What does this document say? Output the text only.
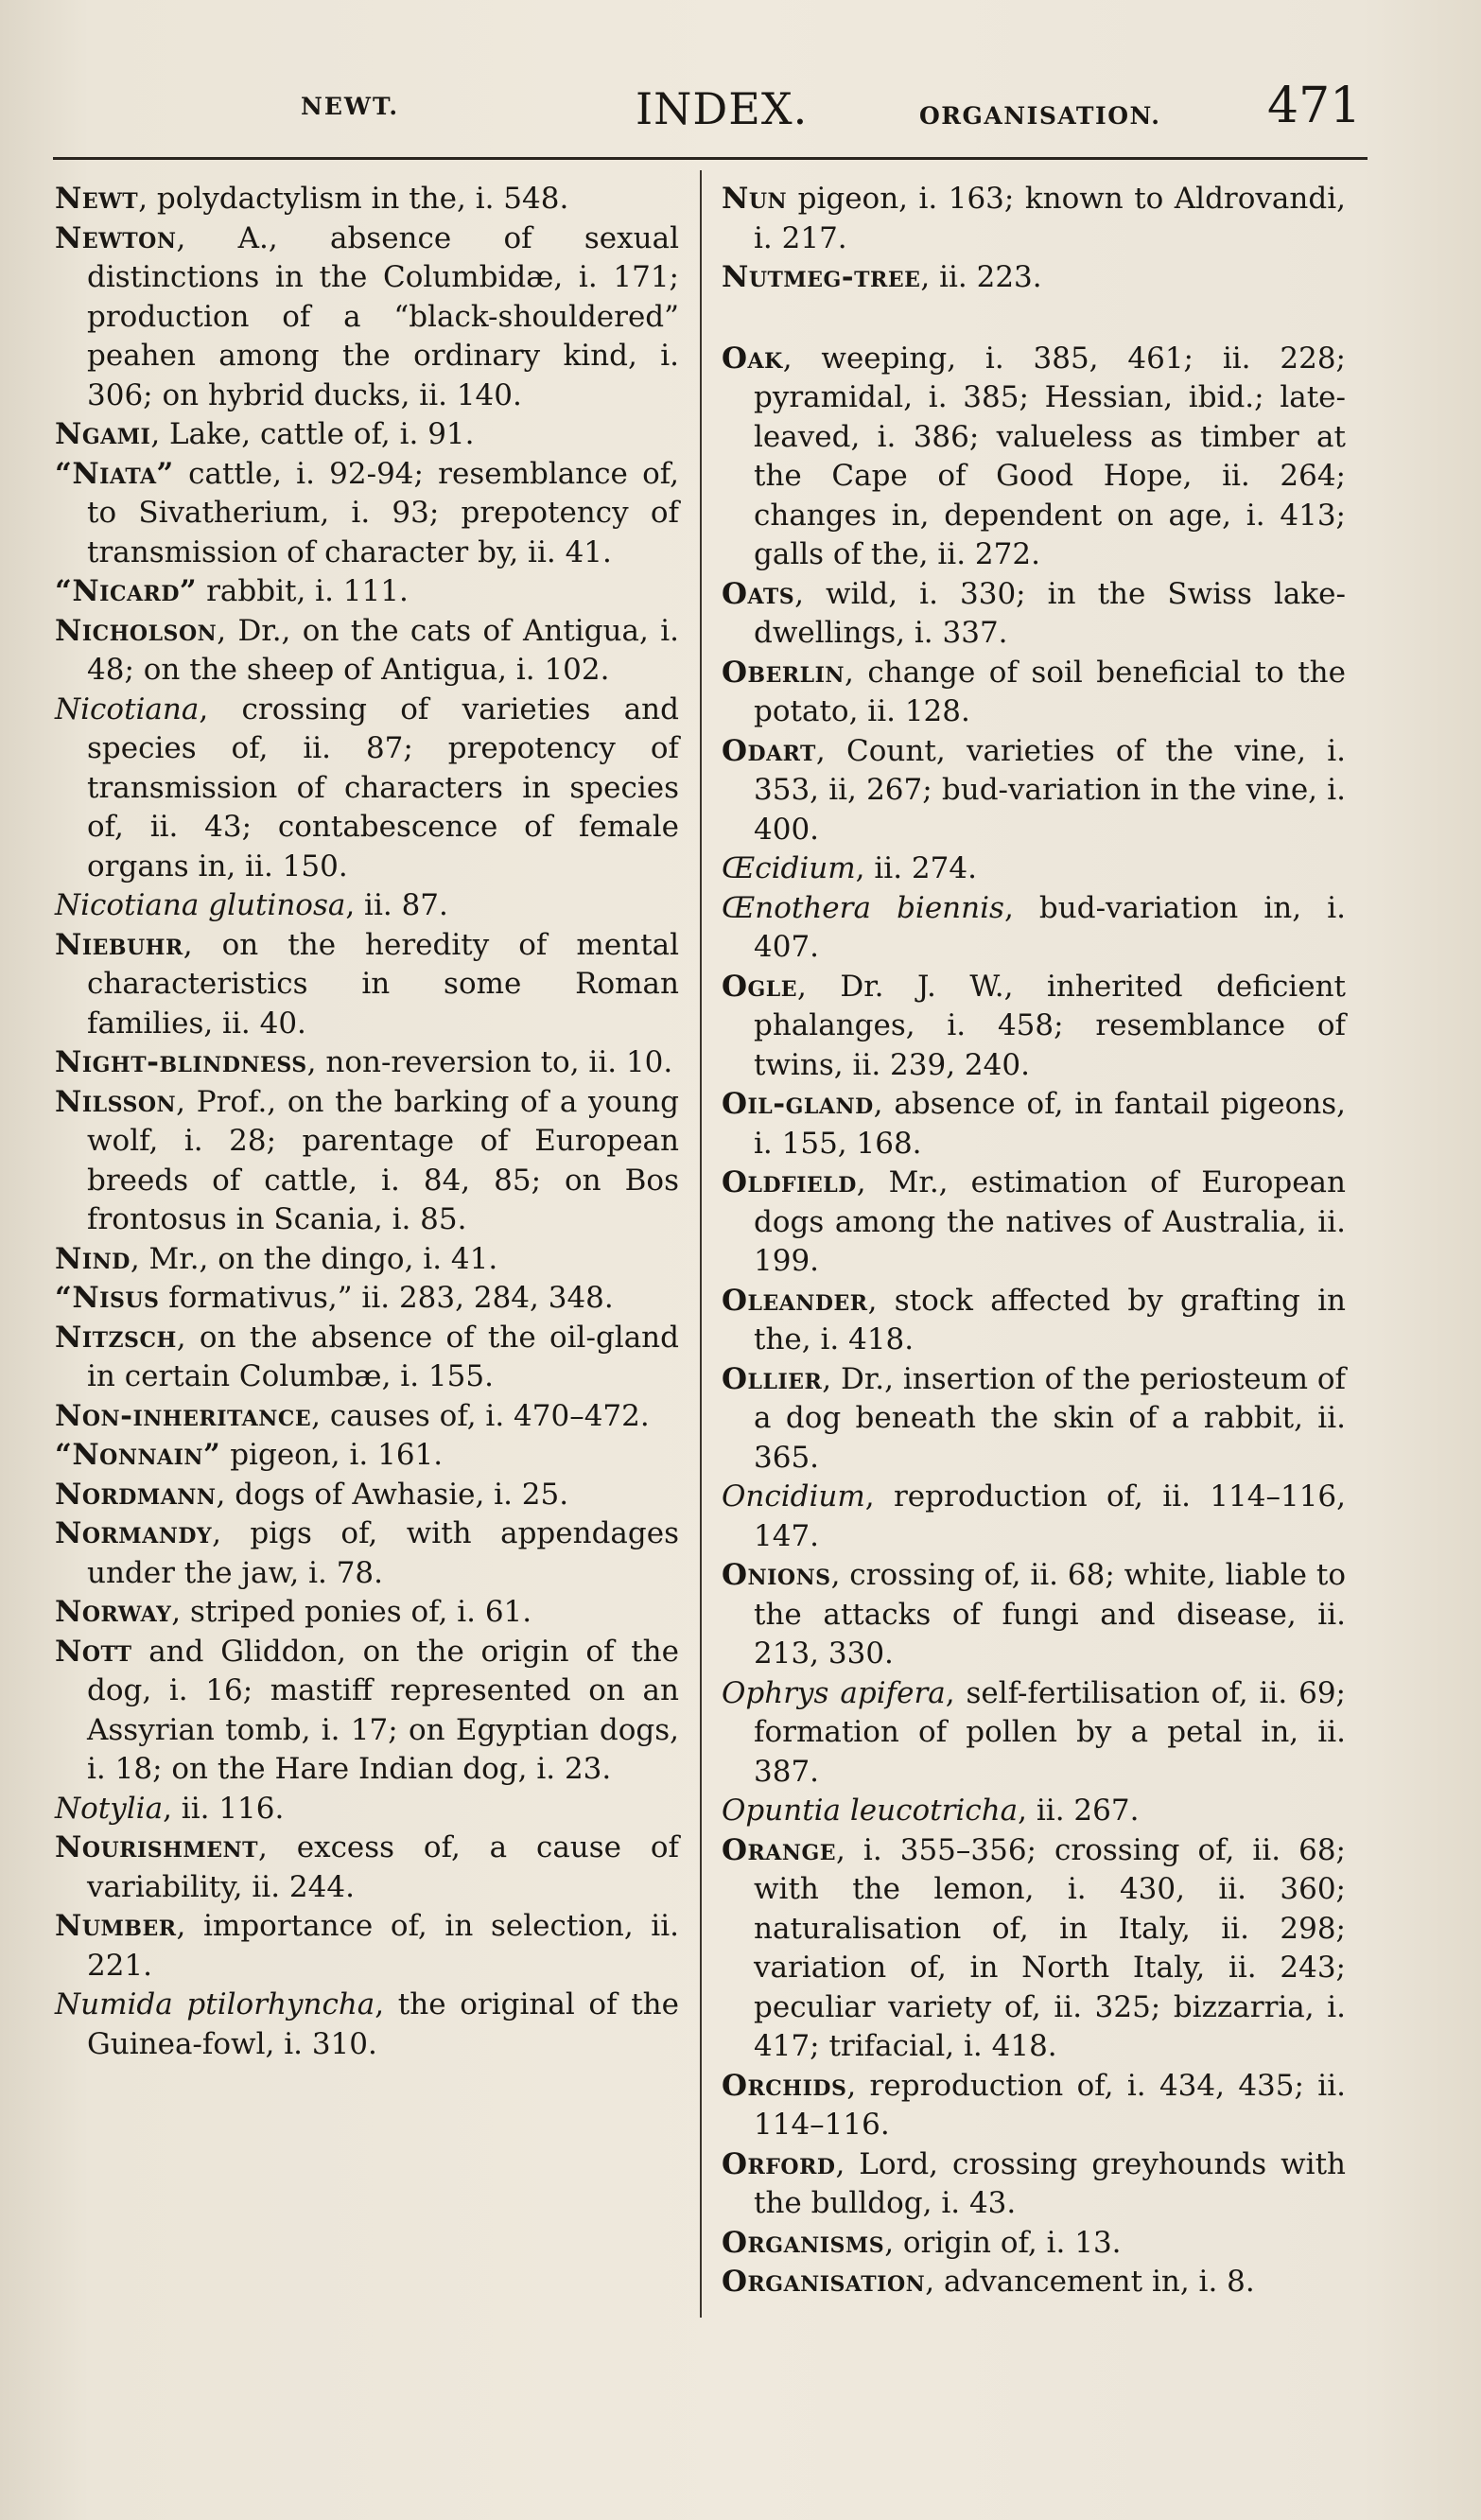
NEWT.	INDEX.	ORGANISATION. 471

Newt, polydactylism in the, i. 548.

Newton, A., absence of sexual distinctions in the Columbidæ, i. 171; production of a “black-shouldered” peahen among the ordinary kind, i. 306; on hybrid ducks, ii. 140.

Ngami, Lake, cattle of, i. 91.

“Niata” cattle, i. 92-94; resemblance of, to Sivatherium, i. 93; prepotency of transmission of character by, ii. 41.

“Nicard” rabbit, i. 111.

Nicholson, Dr., on the cats of Antigua, i. 48; on the sheep of Antigua, i. 102.

Nicotiana, crossing of varieties and species of, ii. 87; prepotency of transmission of characters in species of, ii. 43; contabescence of female organs in, ii. 150.

Nicotiana glutinosa, ii. 87.

Niebuhr, on the heredity of mental characteristics in some Roman families, ii. 40.

Night-blindness, non-reversion to, ii. 10.

Nilsson, Prof., on the barking of a young wolf, i. 28; parentage of European breeds of cattle, i. 84, 85; on Bos frontosus in Scania, i. 85.

Nind, Mr., on the dingo, i. 41.

“Nisus formativus,” ii. 283, 284, 348.

Nitzsch, on the absence of the oil-gland in certain Columbæ, i. 155.

Non-inheritance, causes of, i. 470–472.

“Nonnain” pigeon, i. 161.

Nordmann, dogs of Awhasie, i. 25.

Normandy, pigs of, with appendages under the jaw, i. 78.

Norway, striped ponies of, i. 61.

Nott and Gliddon, on the origin of the dog, i. 16; mastiff represented on an Assyrian tomb, i. 17; on Egyptian dogs, i. 18; on the Hare Indian dog, i. 23.

Notylia, ii. 116.

Nourishment, excess of, a cause of variability, ii. 244.

Number, importance of, in selection, ii. 221.

Numida ptilorhyncha, the original of the Guinea-fowl, i. 310.

Nun pigeon, i. 163; known to Aldrovandi, i. 217.

Nutmeg-tree, ii. 223.

Oak, weeping, i. 385, 461; ii. 228; pyramidal, i. 385; Hessian, ibid.; late-leaved, i. 386; valueless as timber at the Cape of Good Hope, ii. 264; changes in, dependent on age, i. 413; galls of the, ii. 272.

Oats, wild, i. 330; in the Swiss lake-dwellings, i. 337.

Oberlin, change of soil beneficial to the potato, ii. 128.

Odart, Count, varieties of the vine, i. 353, ii, 267; bud-variation in the vine, i. 400.

Œcidium, ii. 274.

Œnothera biennis, bud-variation in, i. 407.

Ogle, Dr. J. W., inherited deficient phalanges, i. 458; resemblance of twins, ii. 239, 240.

Oil-gland, absence of, in fantail pigeons, i. 155, 168.

Oldfield, Mr., estimation of European dogs among the natives of Australia, ii. 199.

Oleander, stock affected by grafting in the, i. 418.

Ollier, Dr., insertion of the periosteum of a dog beneath the skin of a rabbit, ii. 365.

Oncidium, reproduction of, ii. 114–116, 147.

Onions, crossing of, ii. 68; white, liable to the attacks of fungi and disease, ii. 213, 330.

Ophrys apifera, self-fertilisation of, ii. 69; formation of pollen by a petal in, ii. 387.

Opuntia leucotricha, ii. 267.

Orange, i. 355–356; crossing of, ii. 68; with the lemon, i. 430, ii. 360; naturalisation of, in Italy, ii. 298; variation of, in North Italy, ii. 243; peculiar variety of, ii. 325; bizzarria, i. 417; trifacial, i. 418.

Orchids, reproduction of, i. 434, 435; ii. 114–116.

Orford, Lord, crossing greyhounds with the bulldog, i. 43.

Organisms, origin of, i. 13.

Organisation, advancement in, i. 8.
